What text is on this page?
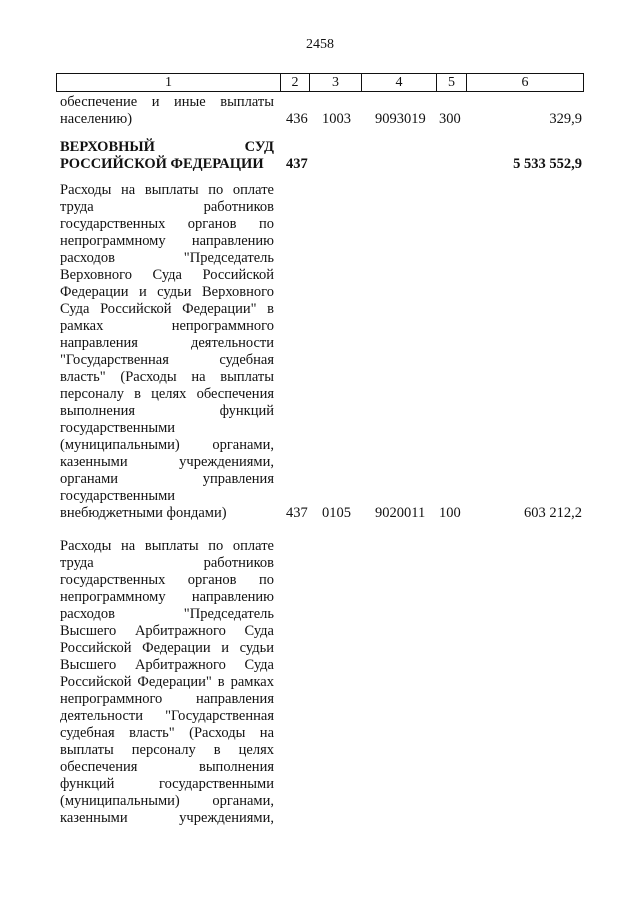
2458
1	2	3	4	5	6
обеспечение и иные выплаты
населению)	436 1003 9093019 300	329,9
ВЕРХОВНЫЙ СУД
РОССИЙСКОЙ ФЕДЕРАЦИИ	437	5 533 552,9
Расходы на выплаты по оплате
труда работников
государственных органов по
непрограммному направлению
расходов "Председатель
Верховного Суда Российской
Федерации и судьи Верховного
Суда Российской Федерации" в
рамках непрограммного
направления деятельности
"Государственная судебная
власть" (Расходы на выплаты
персоналу в целях обеспечения
выполнения функций
государственными
(муниципальными) органами,
казенными учреждениями,
органами управления
государственными
внебюджетными фондами)	437 0105 9020011 100	603 212,2
Расходы на выплаты по оплате
труда работников
государственных органов по
непрограммному направлению
расходов "Председатель
Высшего Арбитражного Суда
Российской Федерации и судьи
Высшего Арбитражного Суда
Российской Федерации" в рамках
непрограммного направления
деятельности "Государственная
судебная власть" (Расходы на
выплаты персоналу в целях
обеспечения выполнения
функций государственными
(муниципальными) органами,
казенными учреждениями,
